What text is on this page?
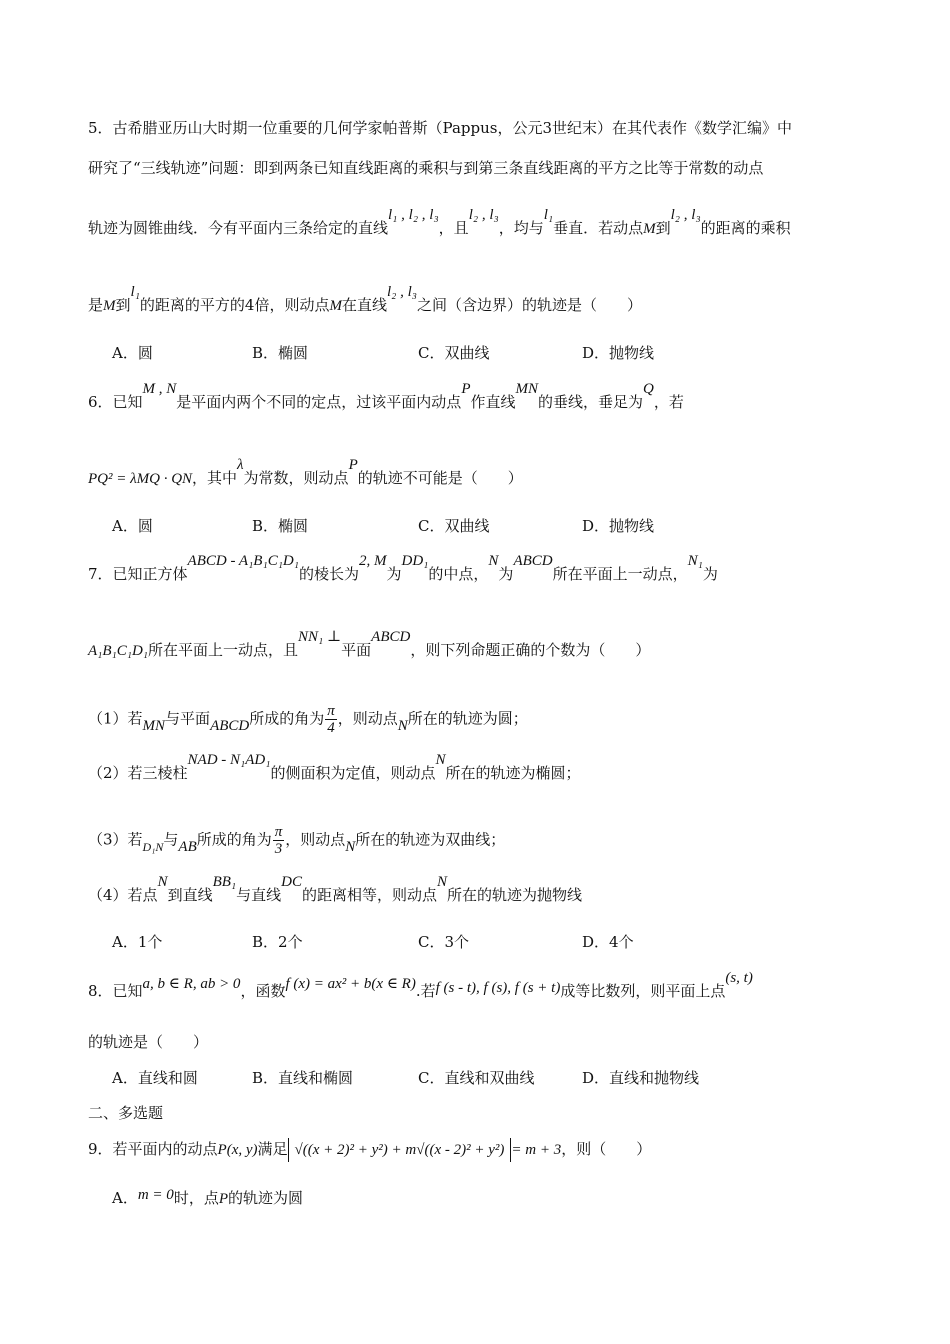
5．古希腊亚历山大时期一位重要的几何学家帕普斯（Pappus，公元3世纪末）在其代表作《数学汇编》中
研究了“三线轨迹”问题：即到两条已知直线距离的乘积与到第三条直线距离的平方之比等于常数的动点
轨迹为圆锥曲线．今有平面内三条给定的直线l₁ , l₂ , l₃，且l₂ , l₃，均与l₁垂直．若动点M到l₂ , l₃的距离的乘积
是M到l₁的距离的平方的4倍，则动点M在直线l₂ , l₃之间（含边界）的轨迹是（　　）
A．圆	B．椭圆	C．双曲线	D．抛物线
6．已知M , N是平面内两个不同的定点，过该平面内动点P作直线MN的垂线，垂足为Q，若
PQ² = λMQ · QN，其中λ为常数，则动点P的轨迹不可能是（　　）
A．圆	B．椭圆	C．双曲线	D．抛物线
7．已知正方体ABCD - A₁B₁C₁D₁的棱长为2, M为DD₁的中点，N为ABCD所在平面上一动点，N₁为
A₁B₁C₁D₁所在平面上一动点，且NN₁ ⊥平面ABCD，则下列命题正确的个数为（　　）
（1）若MN与平面ABCD所成的角为 $\frac{\pi}{4}$ ，则动点N所在的轨迹为圆；
（2）若三棱柱NAD - N₁AD₁的侧面积为定值，则动点N所在的轨迹为椭圆；
（3）若$_{D_1N}$与AB所成的角为 $\frac{\pi}{3}$ ，则动点N所在的轨迹为双曲线；
（4）若点N到直线BB₁与直线DC的距离相等，则动点N所在的轨迹为抛物线
A．1个	B．2个	C．3个	D．4个
8．已知a, b ∈ R, ab > 0，函数f (x) = ax² + b(x ∈ R).若f (s - t), f (s), f (s + t)成等比数列，则平面上点(s, t)
的轨迹是（　　）
A．直线和圆	B．直线和椭圆	C．直线和双曲线	D．直线和抛物线
二、多选题
9．若平面内的动点P(x, y)满足 √((x + 2)² + y²) + m√((x - 2)² + y²) = m + 3，则（　　）
A．m = 0时，点P的轨迹为圆
